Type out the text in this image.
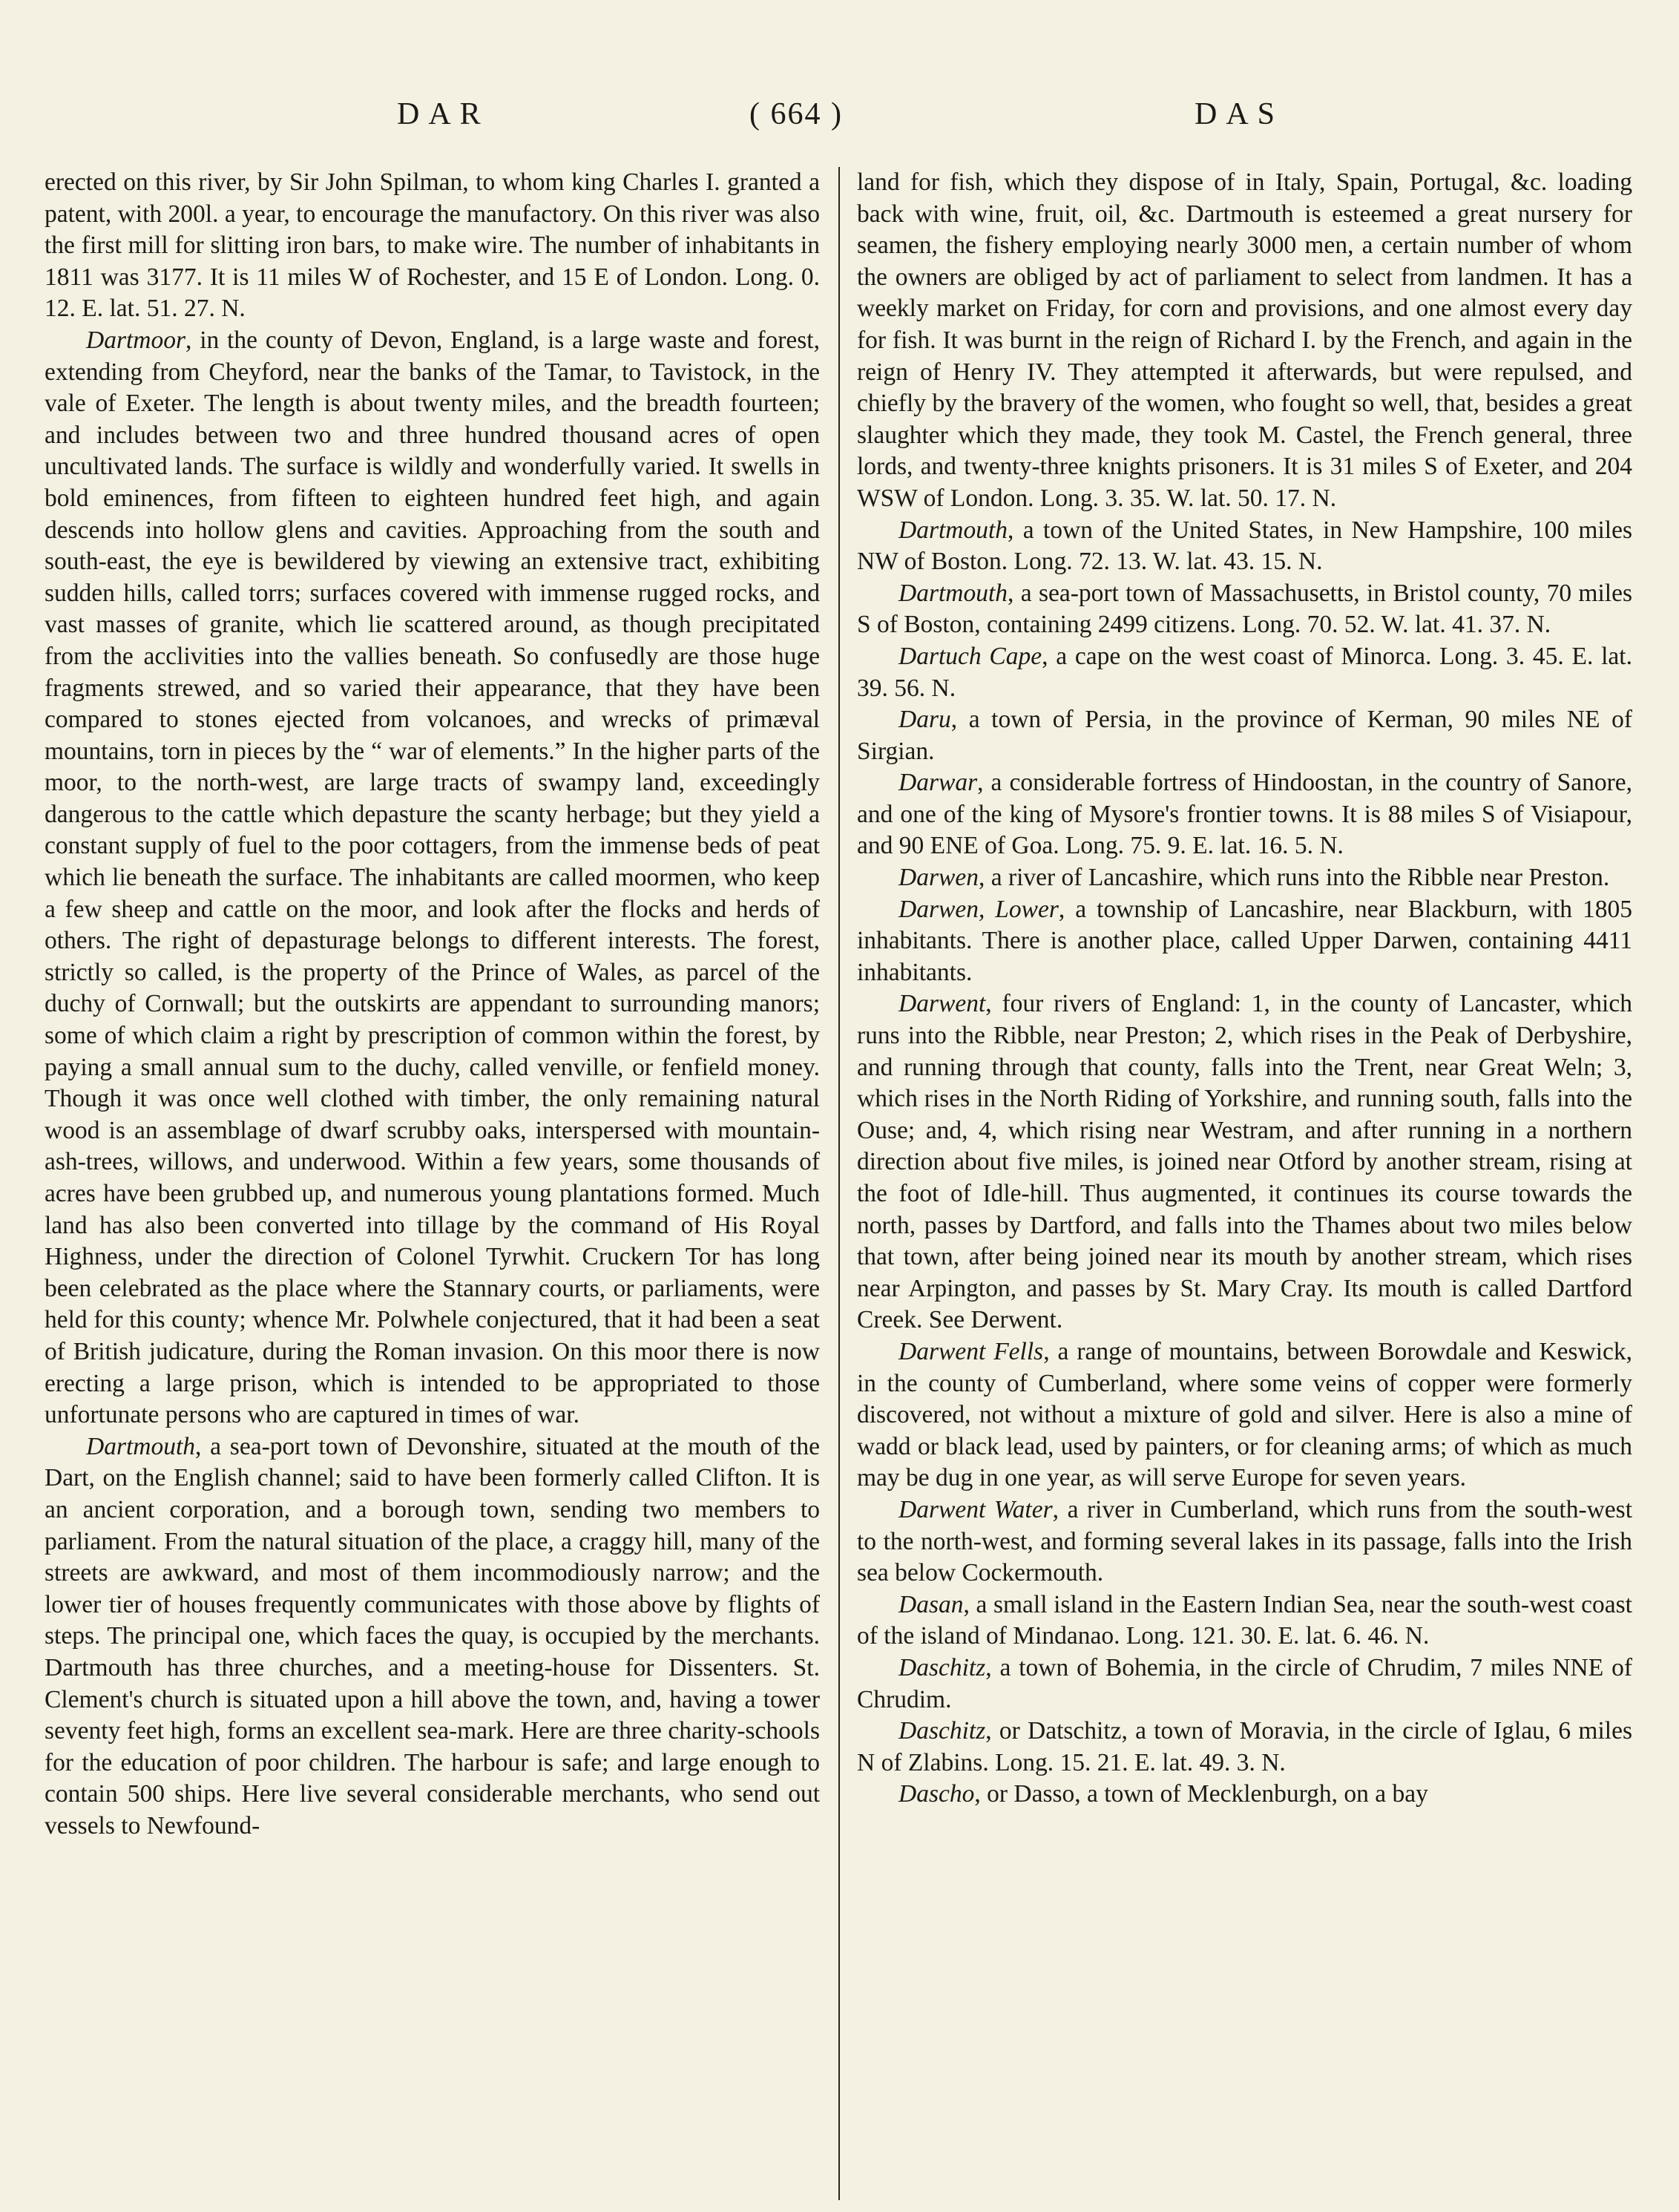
DAR	( 664 )	DAS

erected on this river, by Sir John Spilman, to whom king Charles I. granted a patent, with 200l. a year, to encourage the manufactory. On this river was also the first mill for slitting iron bars, to make wire. The number of inhabitants in 1811 was 3177. It is 11 miles W of Rochester, and 15 E of London. Long. 0. 12. E. lat. 51. 27. N.

Dartmoor, in the county of Devon, England, is a large waste and forest, extending from Cheyford, near the banks of the Tamar, to Tavistock, in the vale of Exeter. The length is about twenty miles, and the breadth fourteen; and includes between two and three hundred thousand acres of open uncultivated lands. The surface is wildly and wonderfully varied. It swells in bold eminences, from fifteen to eighteen hundred feet high, and again descends into hollow glens and cavities. Approaching from the south and south-east, the eye is bewildered by viewing an extensive tract, exhibiting sudden hills, called torrs; surfaces covered with immense rugged rocks, and vast masses of granite, which lie scattered around, as though precipitated from the acclivities into the vallies beneath. So confusedly are those huge fragments strewed, and so varied their appearance, that they have been compared to stones ejected from volcanoes, and wrecks of primæval mountains, torn in pieces by the “ war of elements.” In the higher parts of the moor, to the north-west, are large tracts of swampy land, exceedingly dangerous to the cattle which depasture the scanty herbage; but they yield a constant supply of fuel to the poor cottagers, from the immense beds of peat which lie beneath the surface. The inhabitants are called moormen, who keep a few sheep and cattle on the moor, and look after the flocks and herds of others. The right of depasturage belongs to different interests. The forest, strictly so called, is the property of the Prince of Wales, as parcel of the duchy of Cornwall; but the outskirts are appendant to surrounding manors; some of which claim a right by prescription of common within the forest, by paying a small annual sum to the duchy, called venville, or fenfield money. Though it was once well clothed with timber, the only remaining natural wood is an assemblage of dwarf scrubby oaks, interspersed with mountain-ash-trees, willows, and underwood. Within a few years, some thousands of acres have been grubbed up, and numerous young plantations formed. Much land has also been converted into tillage by the command of His Royal Highness, under the direction of Colonel Tyrwhit. Cruckern Tor has long been celebrated as the place where the Stannary courts, or parliaments, were held for this county; whence Mr. Polwhele conjectured, that it had been a seat of British judicature, during the Roman invasion. On this moor there is now erecting a large prison, which is intended to be appropriated to those unfortunate persons who are captured in times of war.

Dartmouth, a sea-port town of Devonshire, situated at the mouth of the Dart, on the English channel; said to have been formerly called Clifton. It is an ancient corporation, and a borough town, sending two members to parliament. From the natural situation of the place, a craggy hill, many of the streets are awkward, and most of them incommodiously narrow; and the lower tier of houses frequently communicates with those above by flights of steps. The principal one, which faces the quay, is occupied by the merchants. Dartmouth has three churches, and a meeting-house for Dissenters. St. Clement's church is situated upon a hill above the town, and, having a tower seventy feet high, forms an excellent sea-mark. Here are three charity-schools for the education of poor children. The harbour is safe; and large enough to contain 500 ships. Here live several considerable merchants, who send out vessels to Newfound-

land for fish, which they dispose of in Italy, Spain, Portugal, &c. loading back with wine, fruit, oil, &c. Dartmouth is esteemed a great nursery for seamen, the fishery employing nearly 3000 men, a certain number of whom the owners are obliged by act of parliament to select from landmen. It has a weekly market on Friday, for corn and provisions, and one almost every day for fish. It was burnt in the reign of Richard I. by the French, and again in the reign of Henry IV. They attempted it afterwards, but were repulsed, and chiefly by the bravery of the women, who fought so well, that, besides a great slaughter which they made, they took M. Castel, the French general, three lords, and twenty-three knights prisoners. It is 31 miles S of Exeter, and 204 WSW of London. Long. 3. 35. W. lat. 50. 17. N.

Dartmouth, a town of the United States, in New Hampshire, 100 miles NW of Boston. Long. 72. 13. W. lat. 43. 15. N.

Dartmouth, a sea-port town of Massachusetts, in Bristol county, 70 miles S of Boston, containing 2499 citizens. Long. 70. 52. W. lat. 41. 37. N.

Dartuch Cape, a cape on the west coast of Minorca. Long. 3. 45. E. lat. 39. 56. N.

Daru, a town of Persia, in the province of Kerman, 90 miles NE of Sirgian.

Darwar, a considerable fortress of Hindoostan, in the country of Sanore, and one of the king of Mysore's frontier towns. It is 88 miles S of Visiapour, and 90 ENE of Goa. Long. 75. 9. E. lat. 16. 5. N.

Darwen, a river of Lancashire, which runs into the Ribble near Preston.

Darwen, Lower, a township of Lancashire, near Blackburn, with 1805 inhabitants. There is another place, called Upper Darwen, containing 4411 inhabitants.

Darwent, four rivers of England: 1, in the county of Lancaster, which runs into the Ribble, near Preston; 2, which rises in the Peak of Derbyshire, and running through that county, falls into the Trent, near Great Weln; 3, which rises in the North Riding of Yorkshire, and running south, falls into the Ouse; and, 4, which rising near Westram, and after running in a northern direction about five miles, is joined near Otford by another stream, rising at the foot of Idle-hill. Thus augmented, it continues its course towards the north, passes by Dartford, and falls into the Thames about two miles below that town, after being joined near its mouth by another stream, which rises near Arpington, and passes by St. Mary Cray. Its mouth is called Dartford Creek. See Derwent.

Darwent Fells, a range of mountains, between Borowdale and Keswick, in the county of Cumberland, where some veins of copper were formerly discovered, not without a mixture of gold and silver. Here is also a mine of wadd or black lead, used by painters, or for cleaning arms; of which as much may be dug in one year, as will serve Europe for seven years.

Darwent Water, a river in Cumberland, which runs from the south-west to the north-west, and forming several lakes in its passage, falls into the Irish sea below Cockermouth.

Dasan, a small island in the Eastern Indian Sea, near the south-west coast of the island of Mindanao. Long. 121. 30. E. lat. 6. 46. N.

Daschitz, a town of Bohemia, in the circle of Chrudim, 7 miles NNE of Chrudim.

Daschitz, or Datschitz, a town of Moravia, in the circle of Iglau, 6 miles N of Zlabins. Long. 15. 21. E. lat. 49. 3. N.

Dascho, or Dasso, a town of Mecklenburgh, on a bay
